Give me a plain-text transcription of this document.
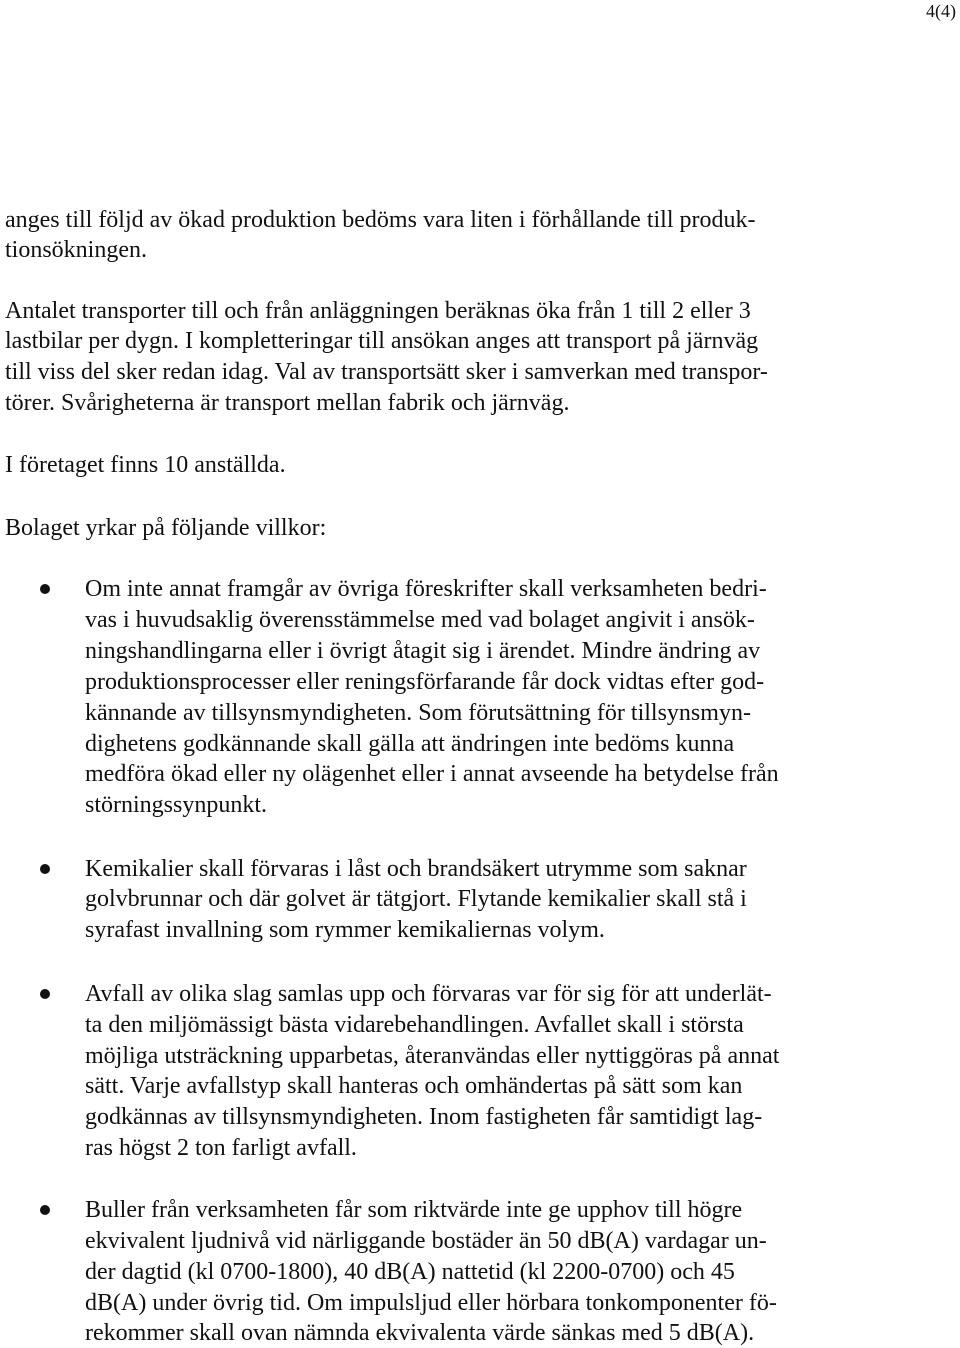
4(4)
anges till följd av ökad produktion bedöms vara liten i förhållande till produk-
tionsökningen.
Antalet transporter till och från anläggningen beräknas öka från 1 till 2 eller 3
lastbilar per dygn. I kompletteringar till ansökan anges att transport på järnväg
till viss del sker redan idag. Val av transportsätt sker i samverkan med transpor-
törer. Svårigheterna är transport mellan fabrik och järnväg.
I företaget finns 10 anställda.
Bolaget yrkar på följande villkor:
Om inte annat framgår av övriga föreskrifter skall verksamheten bedri-
vas i huvudsaklig överensstämmelse med vad bolaget angivit i ansök-
ningshandlingarna eller i övrigt åtagit sig i ärendet. Mindre ändring av
produktionsprocesser eller reningsförfarande får dock vidtas efter god-
kännande av tillsynsmyndigheten. Som förutsättning för tillsynsmyn-
dighetens godkännande skall gälla att ändringen inte bedöms kunna
medföra ökad eller ny olägenhet eller i annat avseende ha betydelse från
störningssynpunkt.
Kemikalier skall förvaras i låst och brandsäkert utrymme som saknar
golvbrunnar och där golvet är tätgjort. Flytande kemikalier skall stå i
syrafast invallning som rymmer kemikaliernas volym.
Avfall av olika slag samlas upp och förvaras var för sig för att underlät-
ta den miljömässigt bästa vidarebehandlingen. Avfallet skall i största
möjliga utsträckning upparbetas, återanvändas eller nyttiggöras på annat
sätt. Varje avfallstyp skall hanteras och omhändertas på sätt som kan
godkännas av tillsynsmyndigheten. Inom fastigheten får samtidigt lag-
ras högst 2 ton farligt avfall.
Buller från verksamheten får som riktvärde inte ge upphov till högre
ekvivalent ljudnivå vid närliggande bostäder än 50 dB(A) vardagar un-
der dagtid (kl 0700-1800), 40 dB(A) nattetid (kl 2200-0700) och 45
dB(A) under övrig tid. Om impulsljud eller hörbara tonkomponenter fö-
rekommer skall ovan nämnda ekvivalenta värde sänkas med 5 dB(A).
